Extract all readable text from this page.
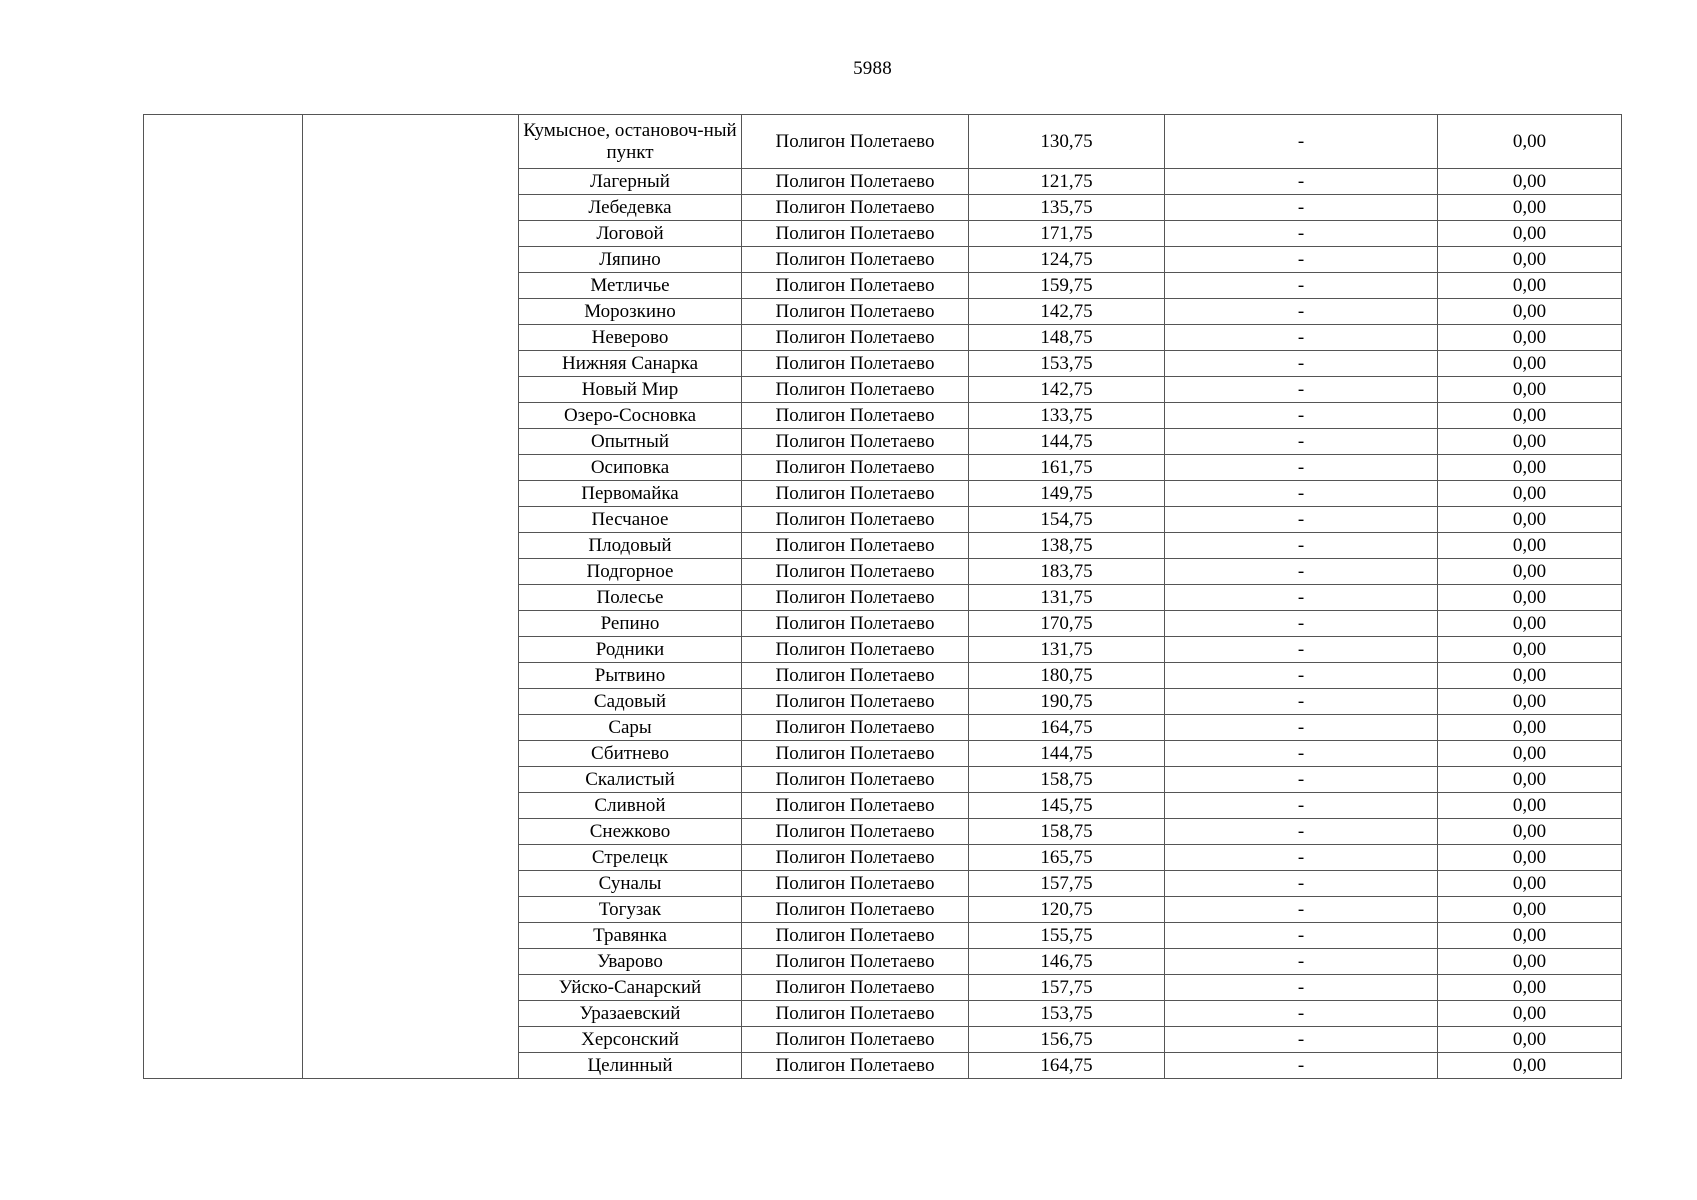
5988
		Кумысное, остановоч-ный пункт	Полигон Полетаево	130,75	-	0,00
		Лагерный	Полигон Полетаево	121,75	-	0,00
		Лебедевка	Полигон Полетаево	135,75	-	0,00
		Логовой	Полигон Полетаево	171,75	-	0,00
		Ляпино	Полигон Полетаево	124,75	-	0,00
		Метличье	Полигон Полетаево	159,75	-	0,00
		Морозкино	Полигон Полетаево	142,75	-	0,00
		Неверово	Полигон Полетаево	148,75	-	0,00
		Нижняя Санарка	Полигон Полетаево	153,75	-	0,00
		Новый Мир	Полигон Полетаево	142,75	-	0,00
		Озеро-Сосновка	Полигон Полетаево	133,75	-	0,00
		Опытный	Полигон Полетаево	144,75	-	0,00
		Осиповка	Полигон Полетаево	161,75	-	0,00
		Первомайка	Полигон Полетаево	149,75	-	0,00
		Песчаное	Полигон Полетаево	154,75	-	0,00
		Плодовый	Полигон Полетаево	138,75	-	0,00
		Подгорное	Полигон Полетаево	183,75	-	0,00
		Полесье	Полигон Полетаево	131,75	-	0,00
		Репино	Полигон Полетаево	170,75	-	0,00
		Родники	Полигон Полетаево	131,75	-	0,00
		Рытвино	Полигон Полетаево	180,75	-	0,00
		Садовый	Полигон Полетаево	190,75	-	0,00
		Сары	Полигон Полетаево	164,75	-	0,00
		Сбитнево	Полигон Полетаево	144,75	-	0,00
		Скалистый	Полигон Полетаево	158,75	-	0,00
		Сливной	Полигон Полетаево	145,75	-	0,00
		Снежково	Полигон Полетаево	158,75	-	0,00
		Стрелецк	Полигон Полетаево	165,75	-	0,00
		Суналы	Полигон Полетаево	157,75	-	0,00
		Тогузак	Полигон Полетаево	120,75	-	0,00
		Травянка	Полигон Полетаево	155,75	-	0,00
		Уварово	Полигон Полетаево	146,75	-	0,00
		Уйско-Санарский	Полигон Полетаево	157,75	-	0,00
		Уразаевский	Полигон Полетаево	153,75	-	0,00
		Херсонский	Полигон Полетаево	156,75	-	0,00
		Целинный	Полигон Полетаево	164,75	-	0,00
